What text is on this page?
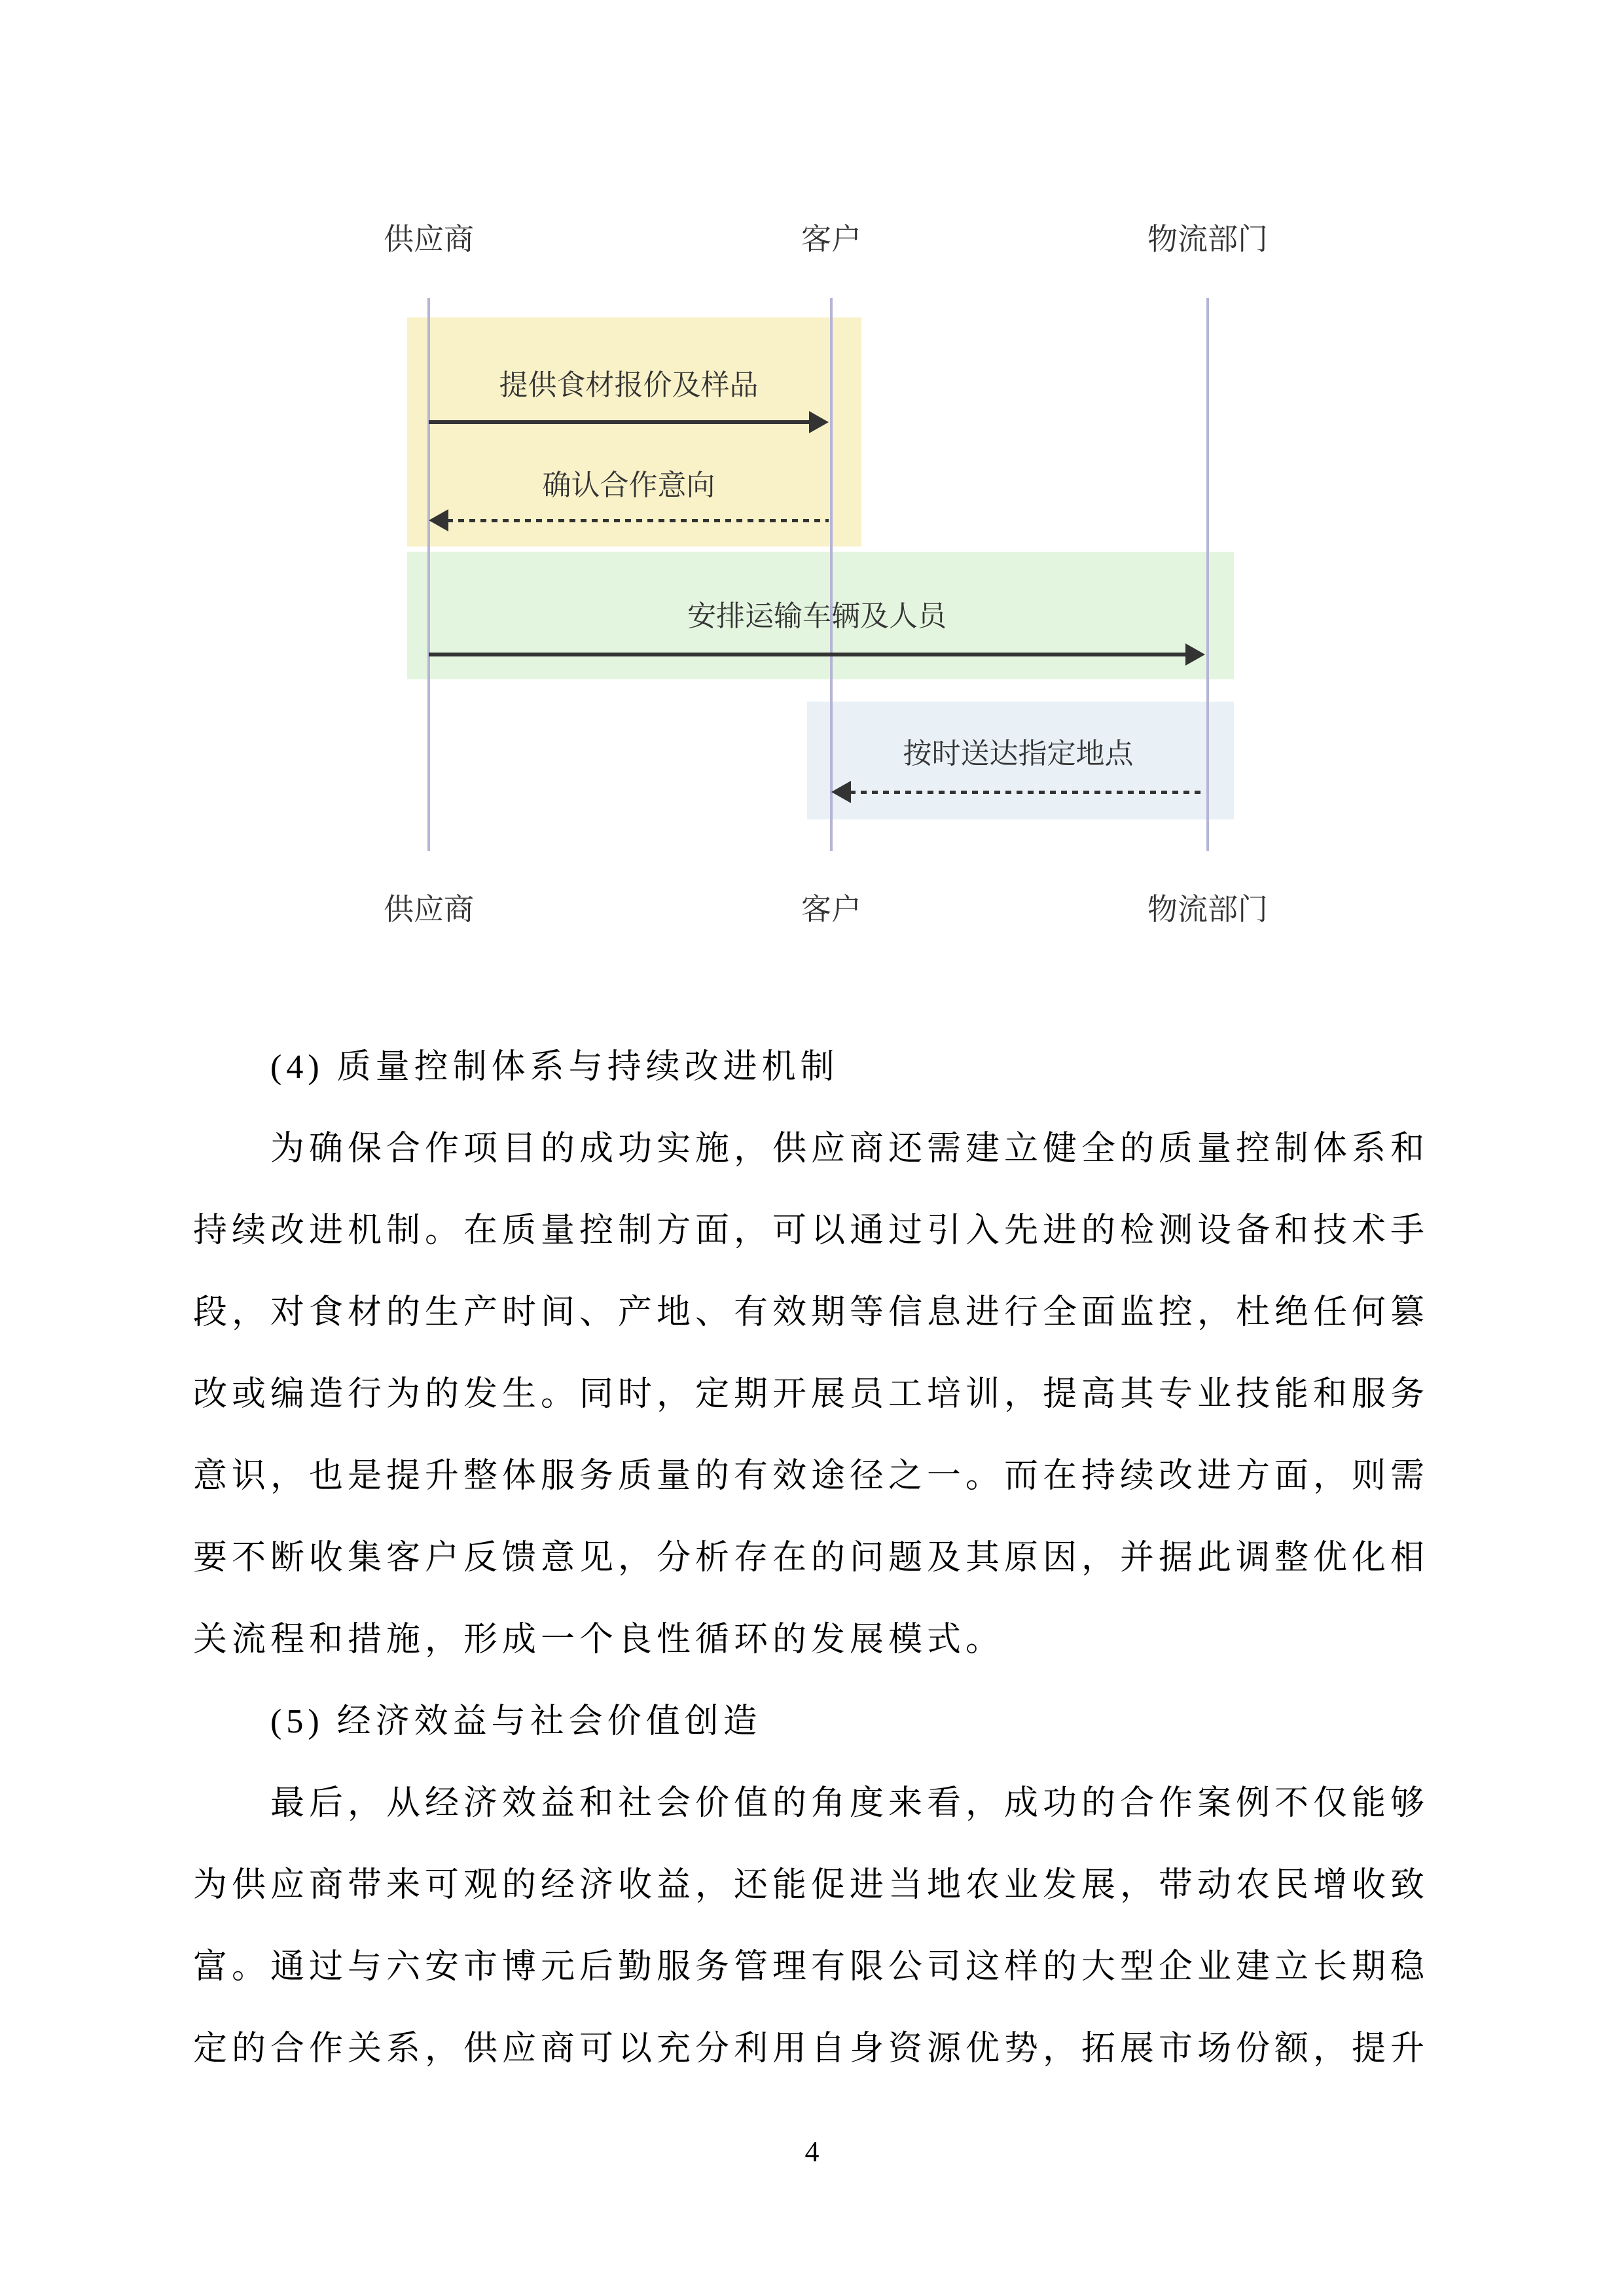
供应商
供应商
客户
客户
物流部门
物流部门
提供食材报价及样品
确认合作意向
安排运输车辆及人员
按时送达指定地点
(4) 质量控制体系与持续改进机制
为确保合作项目的成功实施，供应商还需建立健全的质量控制体系和
持续改进机制。在质量控制方面，可以通过引入先进的检测设备和技术手
段，对食材的生产时间、产地、有效期等信息进行全面监控，杜绝任何篡
改或编造行为的发生。同时，定期开展员工培训，提高其专业技能和服务
意识，也是提升整体服务质量的有效途径之一。而在持续改进方面，则需
要不断收集客户反馈意见，分析存在的问题及其原因，并据此调整优化相
关流程和措施，形成一个良性循环的发展模式。
(5) 经济效益与社会价值创造
最后，从经济效益和社会价值的角度来看，成功的合作案例不仅能够
为供应商带来可观的经济收益，还能促进当地农业发展，带动农民增收致
富。通过与六安市博元后勤服务管理有限公司这样的大型企业建立长期稳
定的合作关系，供应商可以充分利用自身资源优势，拓展市场份额，提升
4
